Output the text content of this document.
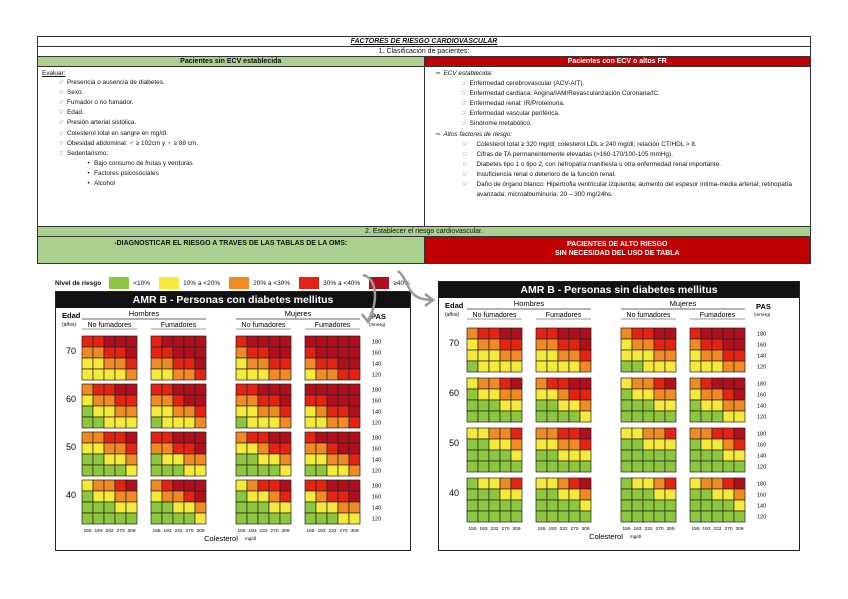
FACTORES DE RIESGO CARDIOVASCULAR
1. Clasificación de pacientes:
Pacientes sin ECV establecida
Evaluar:
☞ Presencia o ausencia de diabetes.
☞ Sexo.
☞ Fumador o no fumador.
☞ Edad.
☞ Presión arterial sistólica.
☞ Colesterol total en sangre en mg/dl.
☞ Obesidad abdominal: ♂ ≥ 102cm y ♀ ≥ 88 cm.
☞ Sedentarismo:
• Bajo consumo de frutas y verduras
• Factores psicosociales
• Alcohol
Pacientes con ECV o altos FR
⇨ ECV establecida:
☞ Enfermedad cerebrovascular (ACV-AIT).
☞ Enfermedad cardiaca: Angina/IAM/Revascularización Coronaria/IC.
☞ Enfermedad renal: IR/Proteinuria.
☞ Enfermedad vascular periférica.
☞ Síndrome metabólico.
⇨ Altos factores de riesgo:
☞ Colesterol total ≥ 320 mg/dl; colesterol LDL ≥ 240 mg/dl; relación CT/HDL > 8.
☞ Cifras de TA permanentemente elevadas (>160-170/100-105 mmHg).
☞ Diabetes tipo 1 o tipo 2, con nefropatía manifiesta u otra enfermedad renal importante.
☞ Insuficiencia renal o deterioro de la función renal.
☞ Daño de órgano blanco: Hipertrofia ventricular izquierda; aumento del espesor íntima-media arterial; retinopatía avanzada; microalbuminuria: 20 – 300 mg/24hs.
2. Establecer el riesgo cardiovascular.
-DIAGNOSTICAR EL RIESGO A TRAVES DE LAS TABLAS DE LA OMS:	PACIENTES DE ALTO RIESGO
SIN NECESIDAD DEL USO DE TABLA
Nivel de riesgo	<10%	10% a <20%	20% a <30%	30% a <40%	≥40%
AMR B - Personas con diabetes mellitus
Edad
(años)
Hombres
No fumadores	Fumadores
Mujeres
No fumadores	Fumadores
PAS
(mmHg)
70
180
160
140
120
60
180
160
140
120
50
180
160
140
120
40
180
160
140
120
155 193 232 270 309	155 193 232 270 309	155 193 232 270 309	155 193 232 270 309
Colesterol mg/dl
AMR B - Personas sin diabetes mellitus
Edad
(años)
Hombres
No fumadores	Fumadores
Mujeres
No fumadores	Fumadores
PAS
(mmHg)
70
180
160
140
120
60
180
160
140
120
50
180
160
140
120
40
180
160
140
120
155 193 232 270 309	155 193 232 270 309	155 193 232 270 309	155 193 232 270 309
Colesterol mg/dl
